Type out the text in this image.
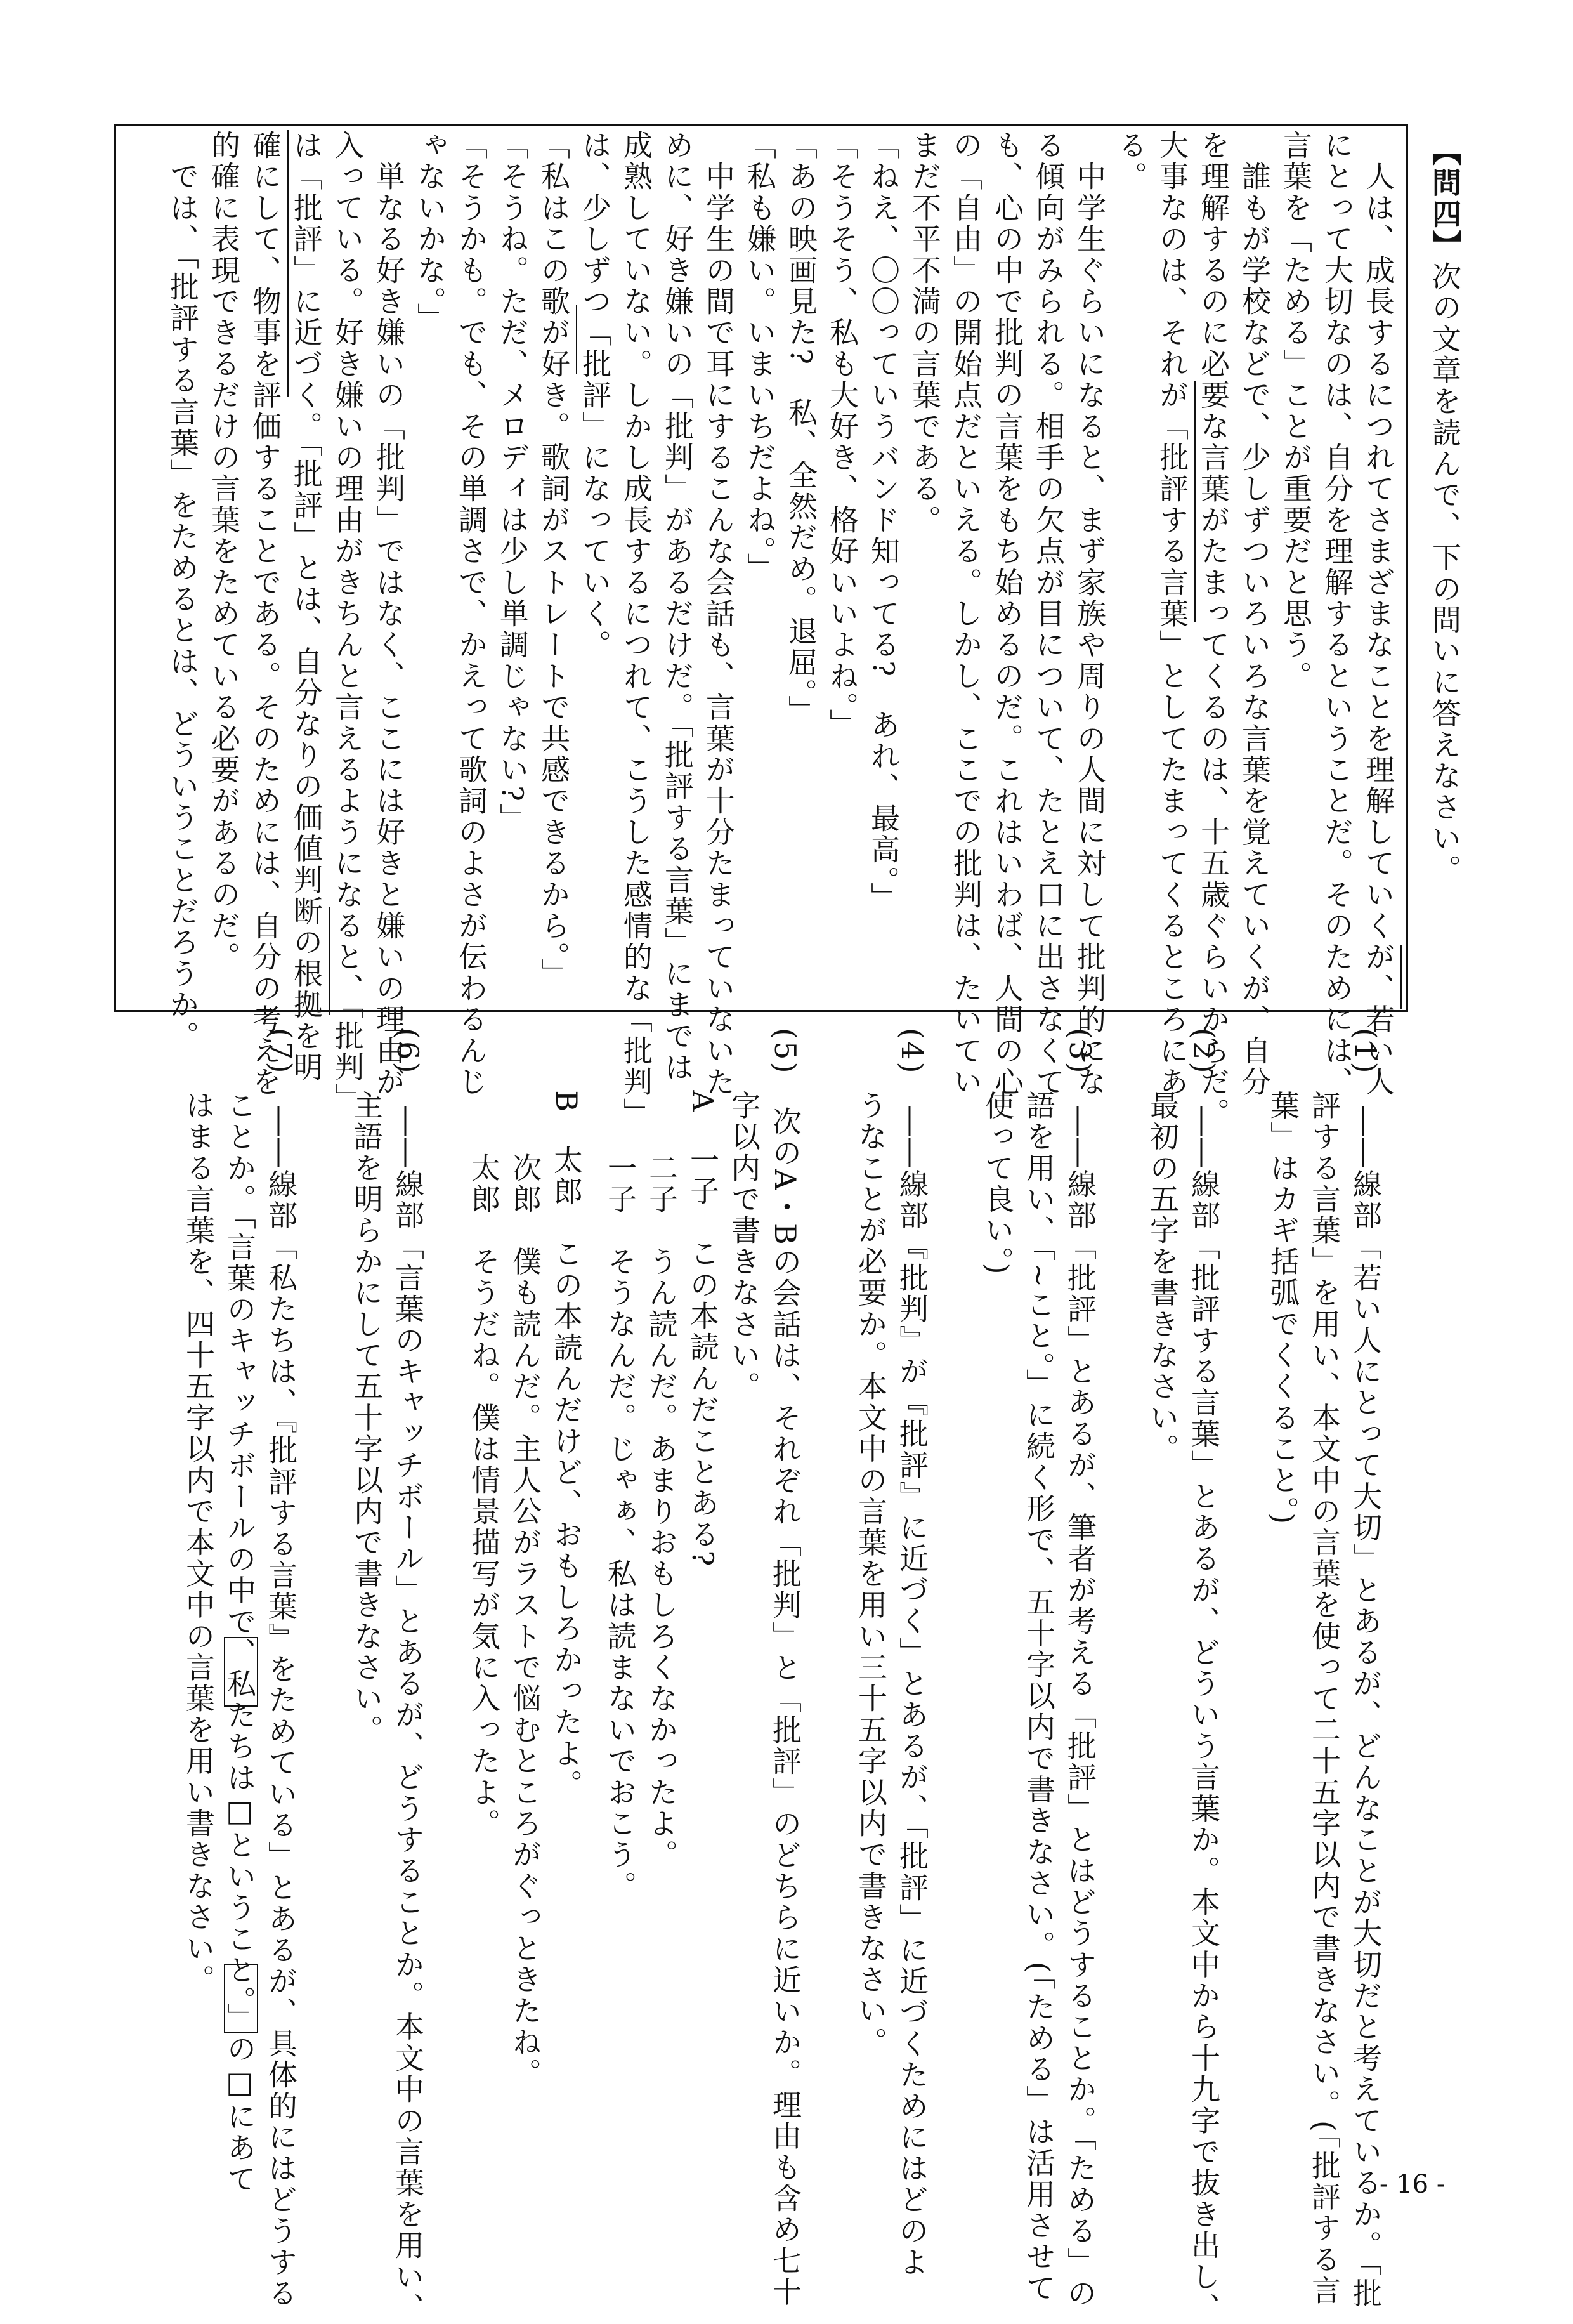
【問四】次の文章を読んで、下の問いに答えなさい。
　人は、成長するにつれてさまざまなことを理解していくが、若い人
にとって大切なのは、自分を理解するということだ。そのためには、
言葉を「ためる」ことが重要だと思う。
　誰もが学校などで、少しずついろいろな言葉を覚えていくが、自分
を理解するのに必要な言葉がたまってくるのは、十五歳ぐらいからだ。
大事なのは、それが「批評する言葉」としてたまってくるところにあ
る。
　中学生ぐらいになると、まず家族や周りの人間に対して批判的にな
る傾向がみられる。相手の欠点が目について、たとえ口に出さなくて
も、心の中で批判の言葉をもち始めるのだ。これはいわば、人間の心
の「自由」の開始点だといえる。しかし、ここでの批判は、たいてい
まだ不平不満の言葉である。
「ねえ、〇〇っていうバンド知ってる?　あれ、最高。」
「そうそう、私も大好き、格好いいよね。」
「あの映画見た?　私、全然だめ。退屈。」
「私も嫌い。いまいちだよね。」
　中学生の間で耳にするこんな会話も、言葉が十分たまっていないた
めに、好き嫌いの「批判」があるだけだ。「批評する言葉」にまでは
成熟していない。しかし成長するにつれて、こうした感情的な「批判」
は、少しずつ「批評」になっていく。
「私はこの歌が好き。歌詞がストレートで共感できるから。」
「そうね。ただ、メロディは少し単調じゃない?」
「そうかも。でも、その単調さで、かえって歌詞のよさが伝わるんじ
ゃないかな。」
　単なる好き嫌いの「批判」ではなく、ここには好きと嫌いの理由が
入っている。好き嫌いの理由がきちんと言えるようになると、「批判」
は「批評」に近づく。「批評」とは、自分なりの価値判断の根拠を明
確にして、物事を評価することである。そのためには、自分の考えを
的確に表現できるだけの言葉をためている必要があるのだ。
　では、「批評する言葉」をためるとは、どういうことだろうか。
(1)　――線部「若い人にとって大切」とあるが、どんなことが大切だと考えているか。「批
　　評する言葉」を用い、本文中の言葉を使って二十五字以内で書きなさい。(「批評する言
　　葉」はカギ括弧でくくること。)
(2)　――線部「批評する言葉」とあるが、どういう言葉か。本文中から十九字で抜き出し、
　　最初の五字を書きなさい。
(3)　――線部「批評」とあるが、筆者が考える「批評」とはどうすることか。「ためる」の
　　語を用い、「~こと。」に続く形で、五十字以内で書きなさい。(「ためる」は活用させて
　　使って良い。)
(4)　――線部『批判』が『批評』に近づく」とあるが、「批評」に近づくためにはどのよ
　　うなことが必要か。本文中の言葉を用い三十五字以内で書きなさい。
(5)　次のA・Bの会話は、それぞれ「批判」と「批評」のどちらに近いか。理由も含め七十
　　字以内で書きなさい。
　　A　一子　この本読んだことある?
　　　　二子　うん読んだ。あまりおもしろくなかったよ。
　　　　一子　そうなんだ。じゃぁ、私は読まないでおこう。
　　B　太郎　この本読んだけど、おもしろかったよ。
　　　　次郎　僕も読んだ。主人公がラストで悩むところがぐっときたね。
　　　　太郎　そうだね。僕は情景描写が気に入ったよ。
(6)　――線部「言葉のキャッチボール」とあるが、どうすることか。本文中の言葉を用い、
　　主語を明らかにして五十字以内で書きなさい。
(7)　――線部「私たちは、『批評する言葉』をためている」とあるが、具体的にはどうする
　　ことか。「言葉のキャッチボールの中で、私たちは□ということ。」の□にあて
　　はまる言葉を、四十五字以内で本文中の言葉を用い書きなさい。
- 16 -
